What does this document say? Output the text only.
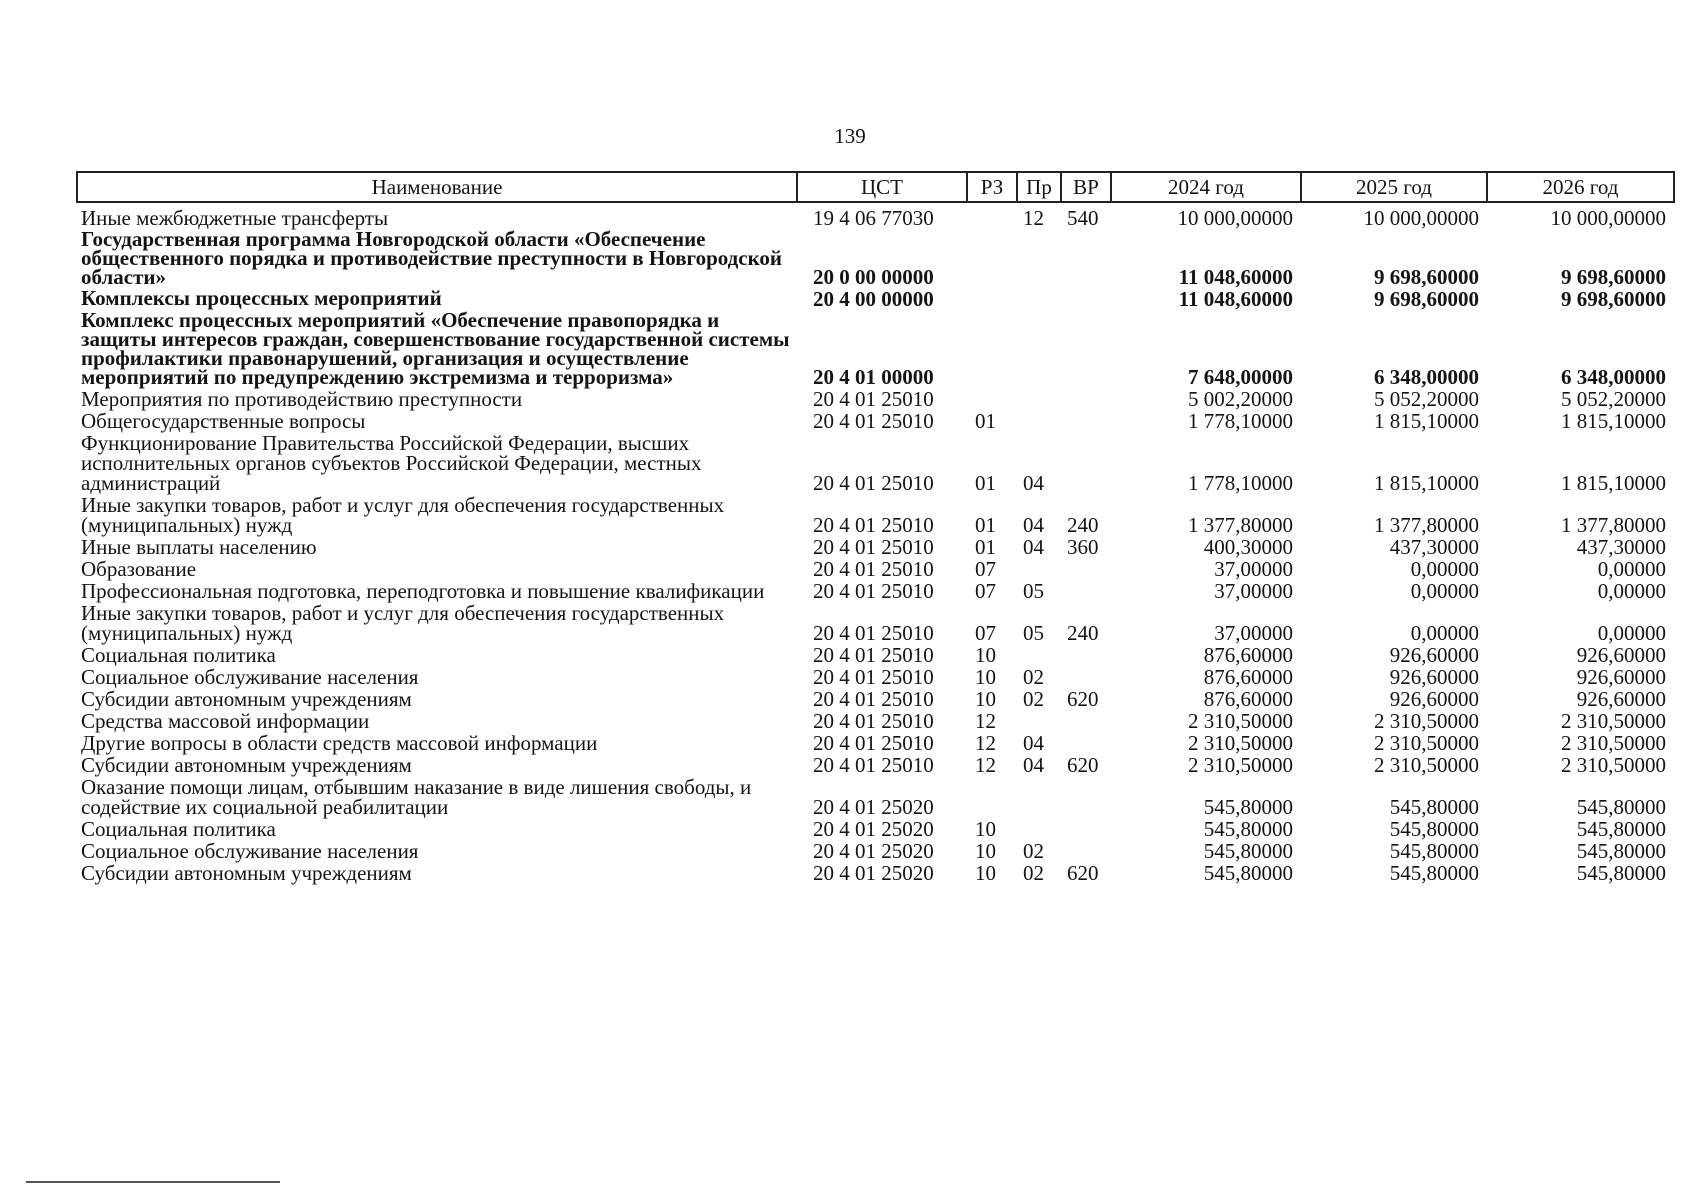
139
Наименование	ЦСТ	РЗ	Пр	ВР	2024 год	2025 год	2026 год
Иные межбюджетные трансферты	19 4 06 77030		12	540	10 000,00000	10 000,00000	10 000,00000
Государственная программа Новгородской области «Обеспечение общественного порядка и противодействие преступности в Новгородской области»	20 0 00 00000				11 048,60000	9 698,60000	9 698,60000
Комплексы процессных мероприятий	20 4 00 00000				11 048,60000	9 698,60000	9 698,60000
Комплекс процессных мероприятий «Обеспечение правопорядка и защиты интересов граждан, совершенствование государственной системы профилактики правонарушений, организация и осуществление мероприятий по предупреждению экстремизма и терроризма»	20 4 01 00000				7 648,00000	6 348,00000	6 348,00000
Мероприятия по противодействию преступности	20 4 01 25010				5 002,20000	5 052,20000	5 052,20000
Общегосударственные вопросы	20 4 01 25010	01			1 778,10000	1 815,10000	1 815,10000
Функционирование Правительства Российской Федерации, высших исполнительных органов субъектов Российской Федерации, местных администраций	20 4 01 25010	01	04		1 778,10000	1 815,10000	1 815,10000
Иные закупки товаров, работ и услуг для обеспечения государственных (муниципальных) нужд	20 4 01 25010	01	04	240	1 377,80000	1 377,80000	1 377,80000
Иные выплаты населению	20 4 01 25010	01	04	360	400,30000	437,30000	437,30000
Образование	20 4 01 25010	07			37,00000	0,00000	0,00000
Профессиональная подготовка, переподготовка и повышение квалификации	20 4 01 25010	07	05		37,00000	0,00000	0,00000
Иные закупки товаров, работ и услуг для обеспечения государственных (муниципальных) нужд	20 4 01 25010	07	05	240	37,00000	0,00000	0,00000
Социальная политика	20 4 01 25010	10			876,60000	926,60000	926,60000
Социальное обслуживание населения	20 4 01 25010	10	02		876,60000	926,60000	926,60000
Субсидии автономным учреждениям	20 4 01 25010	10	02	620	876,60000	926,60000	926,60000
Средства массовой информации	20 4 01 25010	12			2 310,50000	2 310,50000	2 310,50000
Другие вопросы в области средств массовой информации	20 4 01 25010	12	04		2 310,50000	2 310,50000	2 310,50000
Субсидии автономным учреждениям	20 4 01 25010	12	04	620	2 310,50000	2 310,50000	2 310,50000
Оказание помощи лицам, отбывшим наказание в виде лишения свободы, и содействие их социальной реабилитации	20 4 01 25020				545,80000	545,80000	545,80000
Социальная политика	20 4 01 25020	10			545,80000	545,80000	545,80000
Социальное обслуживание населения	20 4 01 25020	10	02		545,80000	545,80000	545,80000
Субсидии автономным учреждениям	20 4 01 25020	10	02	620	545,80000	545,80000	545,80000
